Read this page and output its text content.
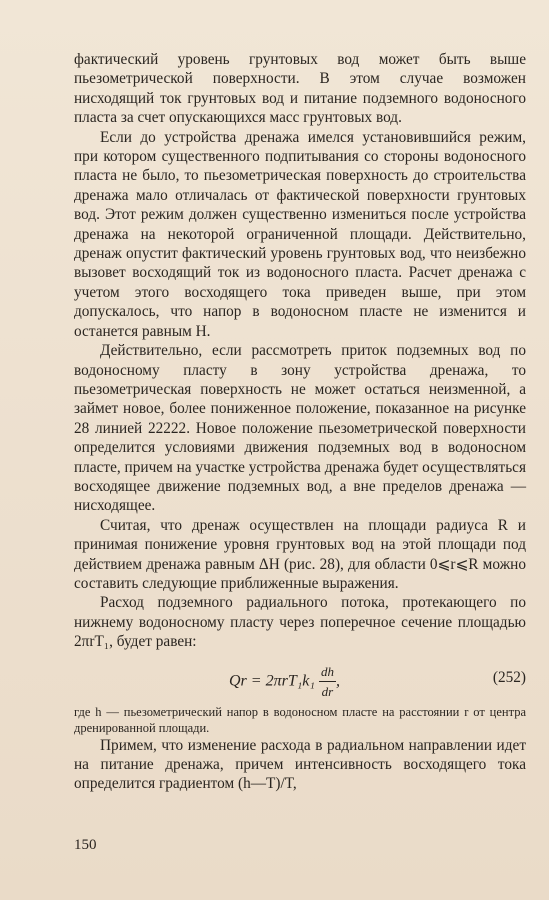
фактический уровень грунтовых вод может быть выше пьезометрической поверхности. В этом случае возможен нисходящий ток грунтовых вод и питание подземного водоносного пласта за счет опускающихся масс грунтовых вод.

Если до устройства дренажа имелся установившийся режим, при котором существенного подпитывания со стороны водоносного пласта не было, то пьезометрическая поверхность до строительства дренажа мало отличалась от фактической поверхности грунтовых вод. Этот режим должен существенно измениться после устройства дренажа на некоторой ограниченной площади. Действительно, дренаж опустит фактический уровень грунтовых вод, что неизбежно вызовет восходящий ток из водоносного пласта. Расчет дренажа с учетом этого восходящего тока приведен выше, при этом допускалось, что напор в водоносном пласте не изменится и останется равным H.

Действительно, если рассмотреть приток подземных вод по водоносному пласту в зону устройства дренажа, то пьезометрическая поверхность не может остаться неизменной, а займет новое, более пониженное положение, показанное на рисунке 28 линией 22222. Новое положение пьезометрической поверхности определится условиями движения подземных вод в водоносном пласте, причем на участке устройства дренажа будет осуществляться восходящее движение подземных вод, а вне пределов дренажа — нисходящее.

Считая, что дренаж осуществлен на площади радиуса R и принимая понижение уровня грунтовых вод на этой площади под действием дренажа равным ΔH (рис. 28), для области 0⩽r⩽R можно составить следующие приближенные выражения.

Расход подземного радиального потока, протекающего по нижнему водоносному пласту через поперечное сечение площадью 2πrT₁, будет равен:

$Qr = 2\pi rT_1k_1 \frac{dh}{dr}$ ,	(252)

где h — пьезометрический напор в водоносном пласте на расстоянии r от центра дренированной площади.

Примем, что изменение расхода в радиальном направлении идет на питание дренажа, причем интенсивность восходящего тока определится градиентом (h—T)/T,

150
